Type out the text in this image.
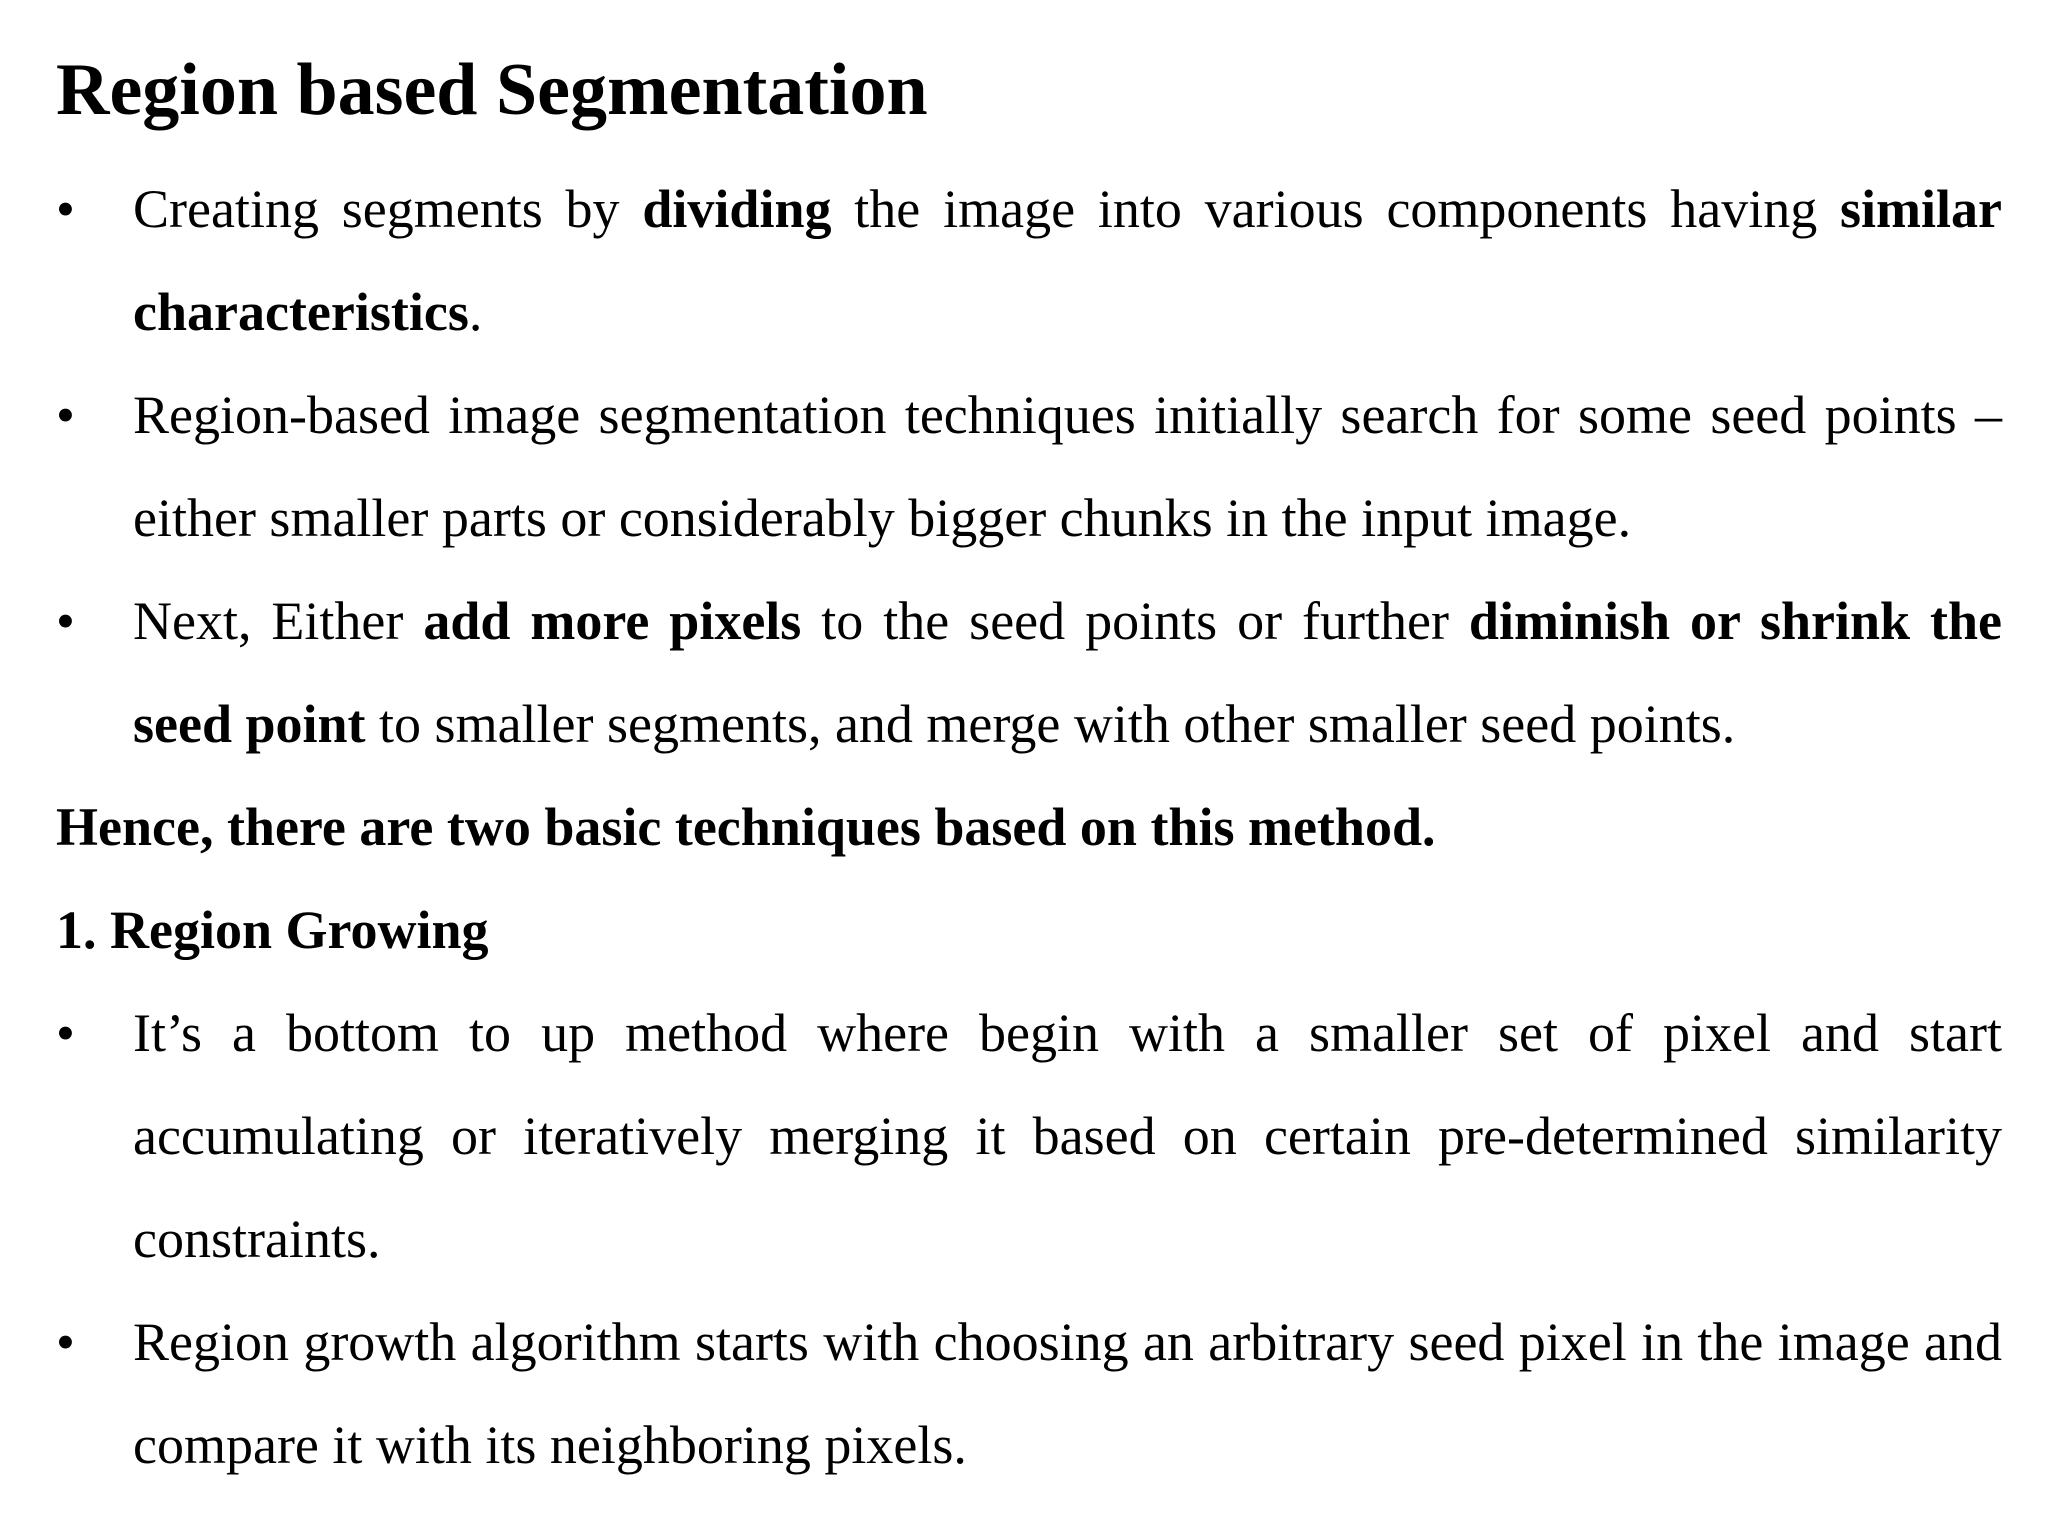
Region based Segmentation
• Creating segments by dividing the image into various components having similar characteristics.
• Region-based image segmentation techniques initially search for some seed points – either smaller parts or considerably bigger chunks in the input image.
• Next, Either add more pixels to the seed points or further diminish or shrink the seed point to smaller segments, and merge with other smaller seed points.
Hence, there are two basic techniques based on this method.
1. Region Growing
• It’s a bottom to up method where begin with a smaller set of pixel and start accumulating or iteratively merging it based on certain pre-determined similarity constraints.
• Region growth algorithm starts with choosing an arbitrary seed pixel in the image and compare it with its neighboring pixels.
